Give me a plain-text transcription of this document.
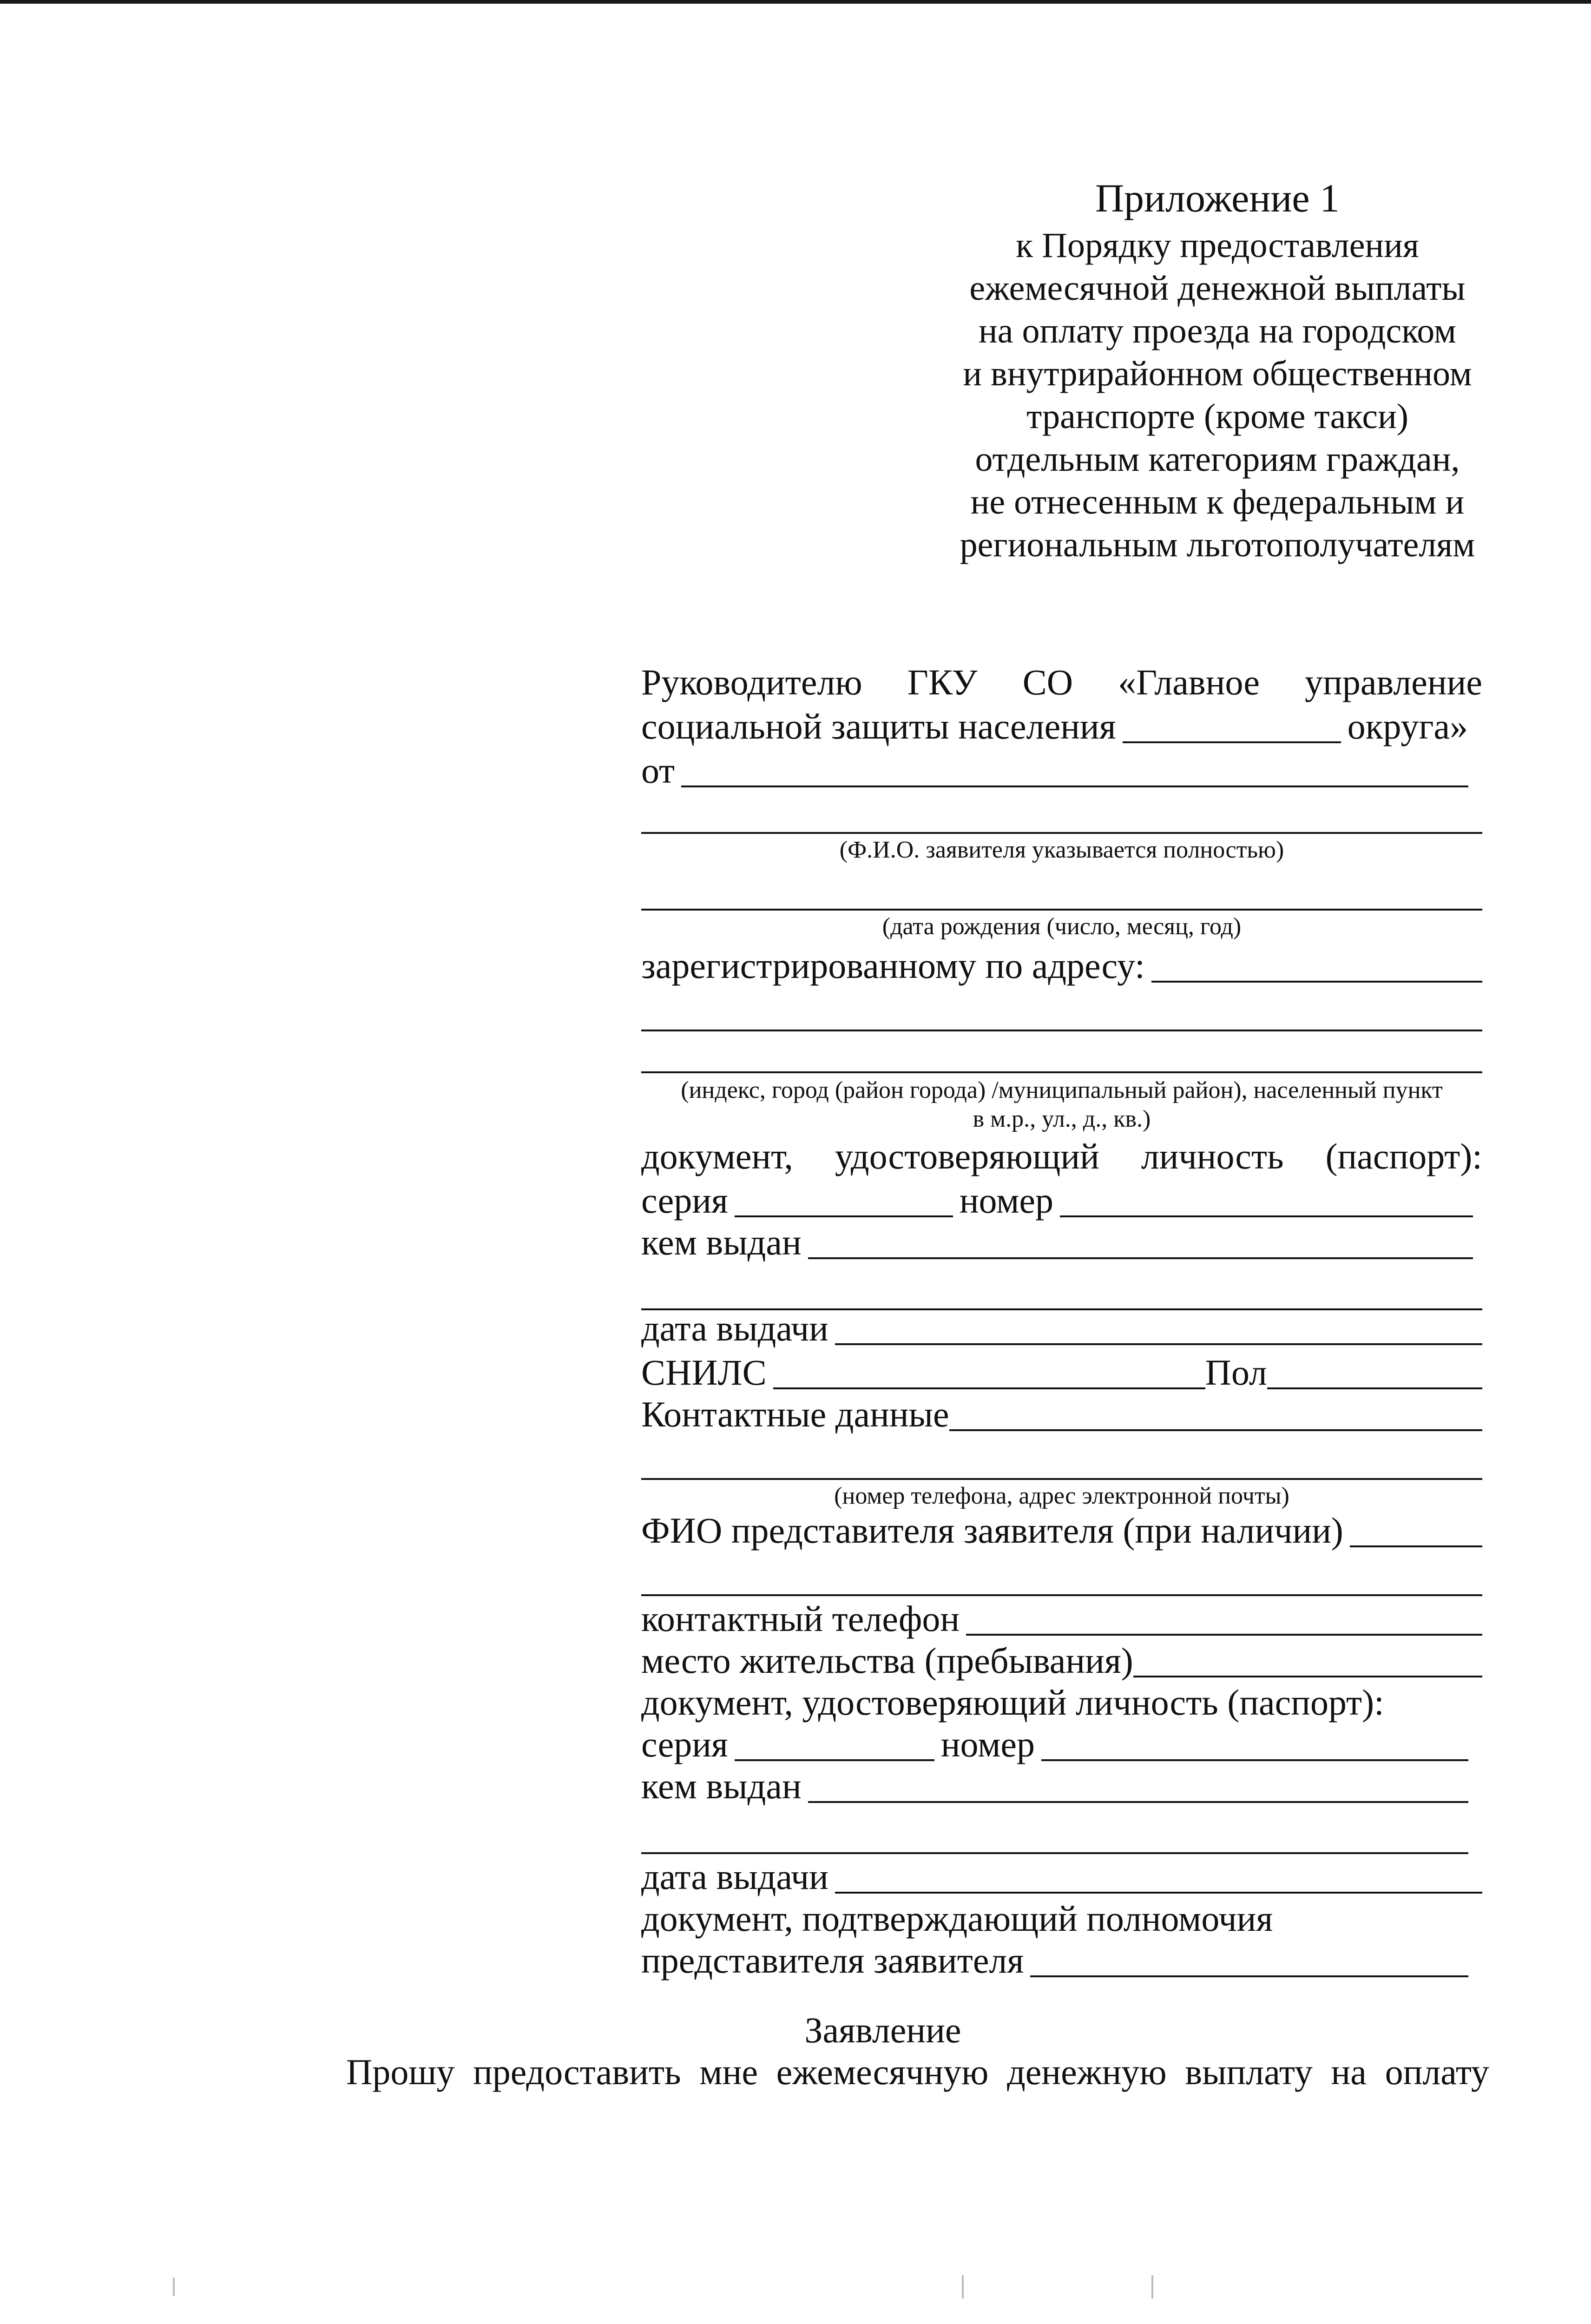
Приложение 1
к Порядку предоставления
ежемесячной денежной выплаты
на оплату проезда на городском
и внутрирайонном общественном
транспорте (кроме такси)
отдельным категориям граждан,
не отнесенным к федеральным и
региональным льготополучателям
Руководителю ГКУ СО «Главное управление
социальной защиты населения	округа»
от
(Ф.И.О. заявителя указывается полностью)
(дата рождения (число, месяц, год)
зарегистрированному по адресу:
(индекс, город (район города) /муниципальный район), населенный пункт
в м.р., ул., д., кв.)
документ, удостоверяющий личность (паспорт):
серия	номер
кем выдан
дата выдачи
СНИЛС	Пол
Контактные данные
(номер телефона, адрес электронной почты)
ФИО представителя заявителя (при наличии)
контактный телефон
место жительства (пребывания)
документ, удостоверяющий личность (паспорт):
серия	номер
кем выдан
дата выдачи
документ, подтверждающий полномочия
представителя заявителя
Заявление
Прошу предоставить мне ежемесячную денежную выплату на оплату
